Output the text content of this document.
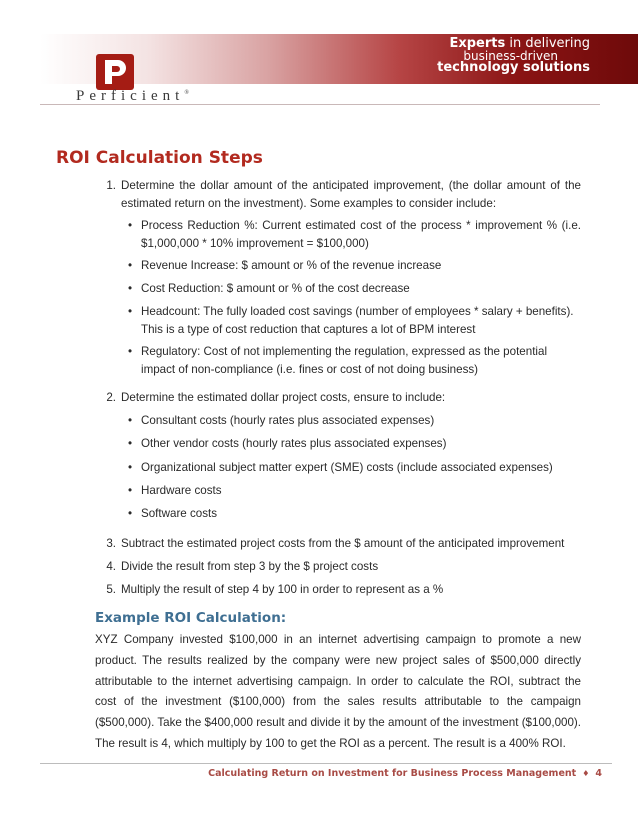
Perficient®
Experts in delivering
business-driven
technology solutions
ROI Calculation Steps
1. Determine the dollar amount of the anticipated improvement, (the dollar amount of the estimated return on the investment). Some examples to consider include:
• Process Reduction %: Current estimated cost of the process * improvement % (i.e. $1,000,000 * 10% improvement = $100,000)
• Revenue Increase: $ amount or % of the revenue increase
• Cost Reduction: $ amount or % of the cost decrease
• Headcount: The fully loaded cost savings (number of employees * salary + benefits). This is a type of cost reduction that captures a lot of BPM interest
• Regulatory: Cost of not implementing the regulation, expressed as the potential impact of non-compliance (i.e. fines or cost of not doing business)
2. Determine the estimated dollar project costs, ensure to include:
• Consultant costs (hourly rates plus associated expenses)
• Other vendor costs (hourly rates plus associated expenses)
• Organizational subject matter expert (SME) costs (include associated expenses)
• Hardware costs
• Software costs
3. Subtract the estimated project costs from the $ amount of the anticipated improvement
4. Divide the result from step 3 by the $ project costs
5. Multiply the result of step 4 by 100 in order to represent as a %
Example ROI Calculation:
XYZ Company invested $100,000 in an internet advertising campaign to promote a new product. The results realized by the company were new project sales of $500,000 directly attributable to the internet advertising campaign. In order to calculate the ROI, subtract the cost of the investment ($100,000) from the sales results attributable to the campaign ($500,000). Take the $400,000 result and divide it by the amount of the investment ($100,000). The result is 4, which multiply by 100 to get the ROI as a percent. The result is a 400% ROI.
Calculating Return on Investment for Business Process Management ♦ 4
